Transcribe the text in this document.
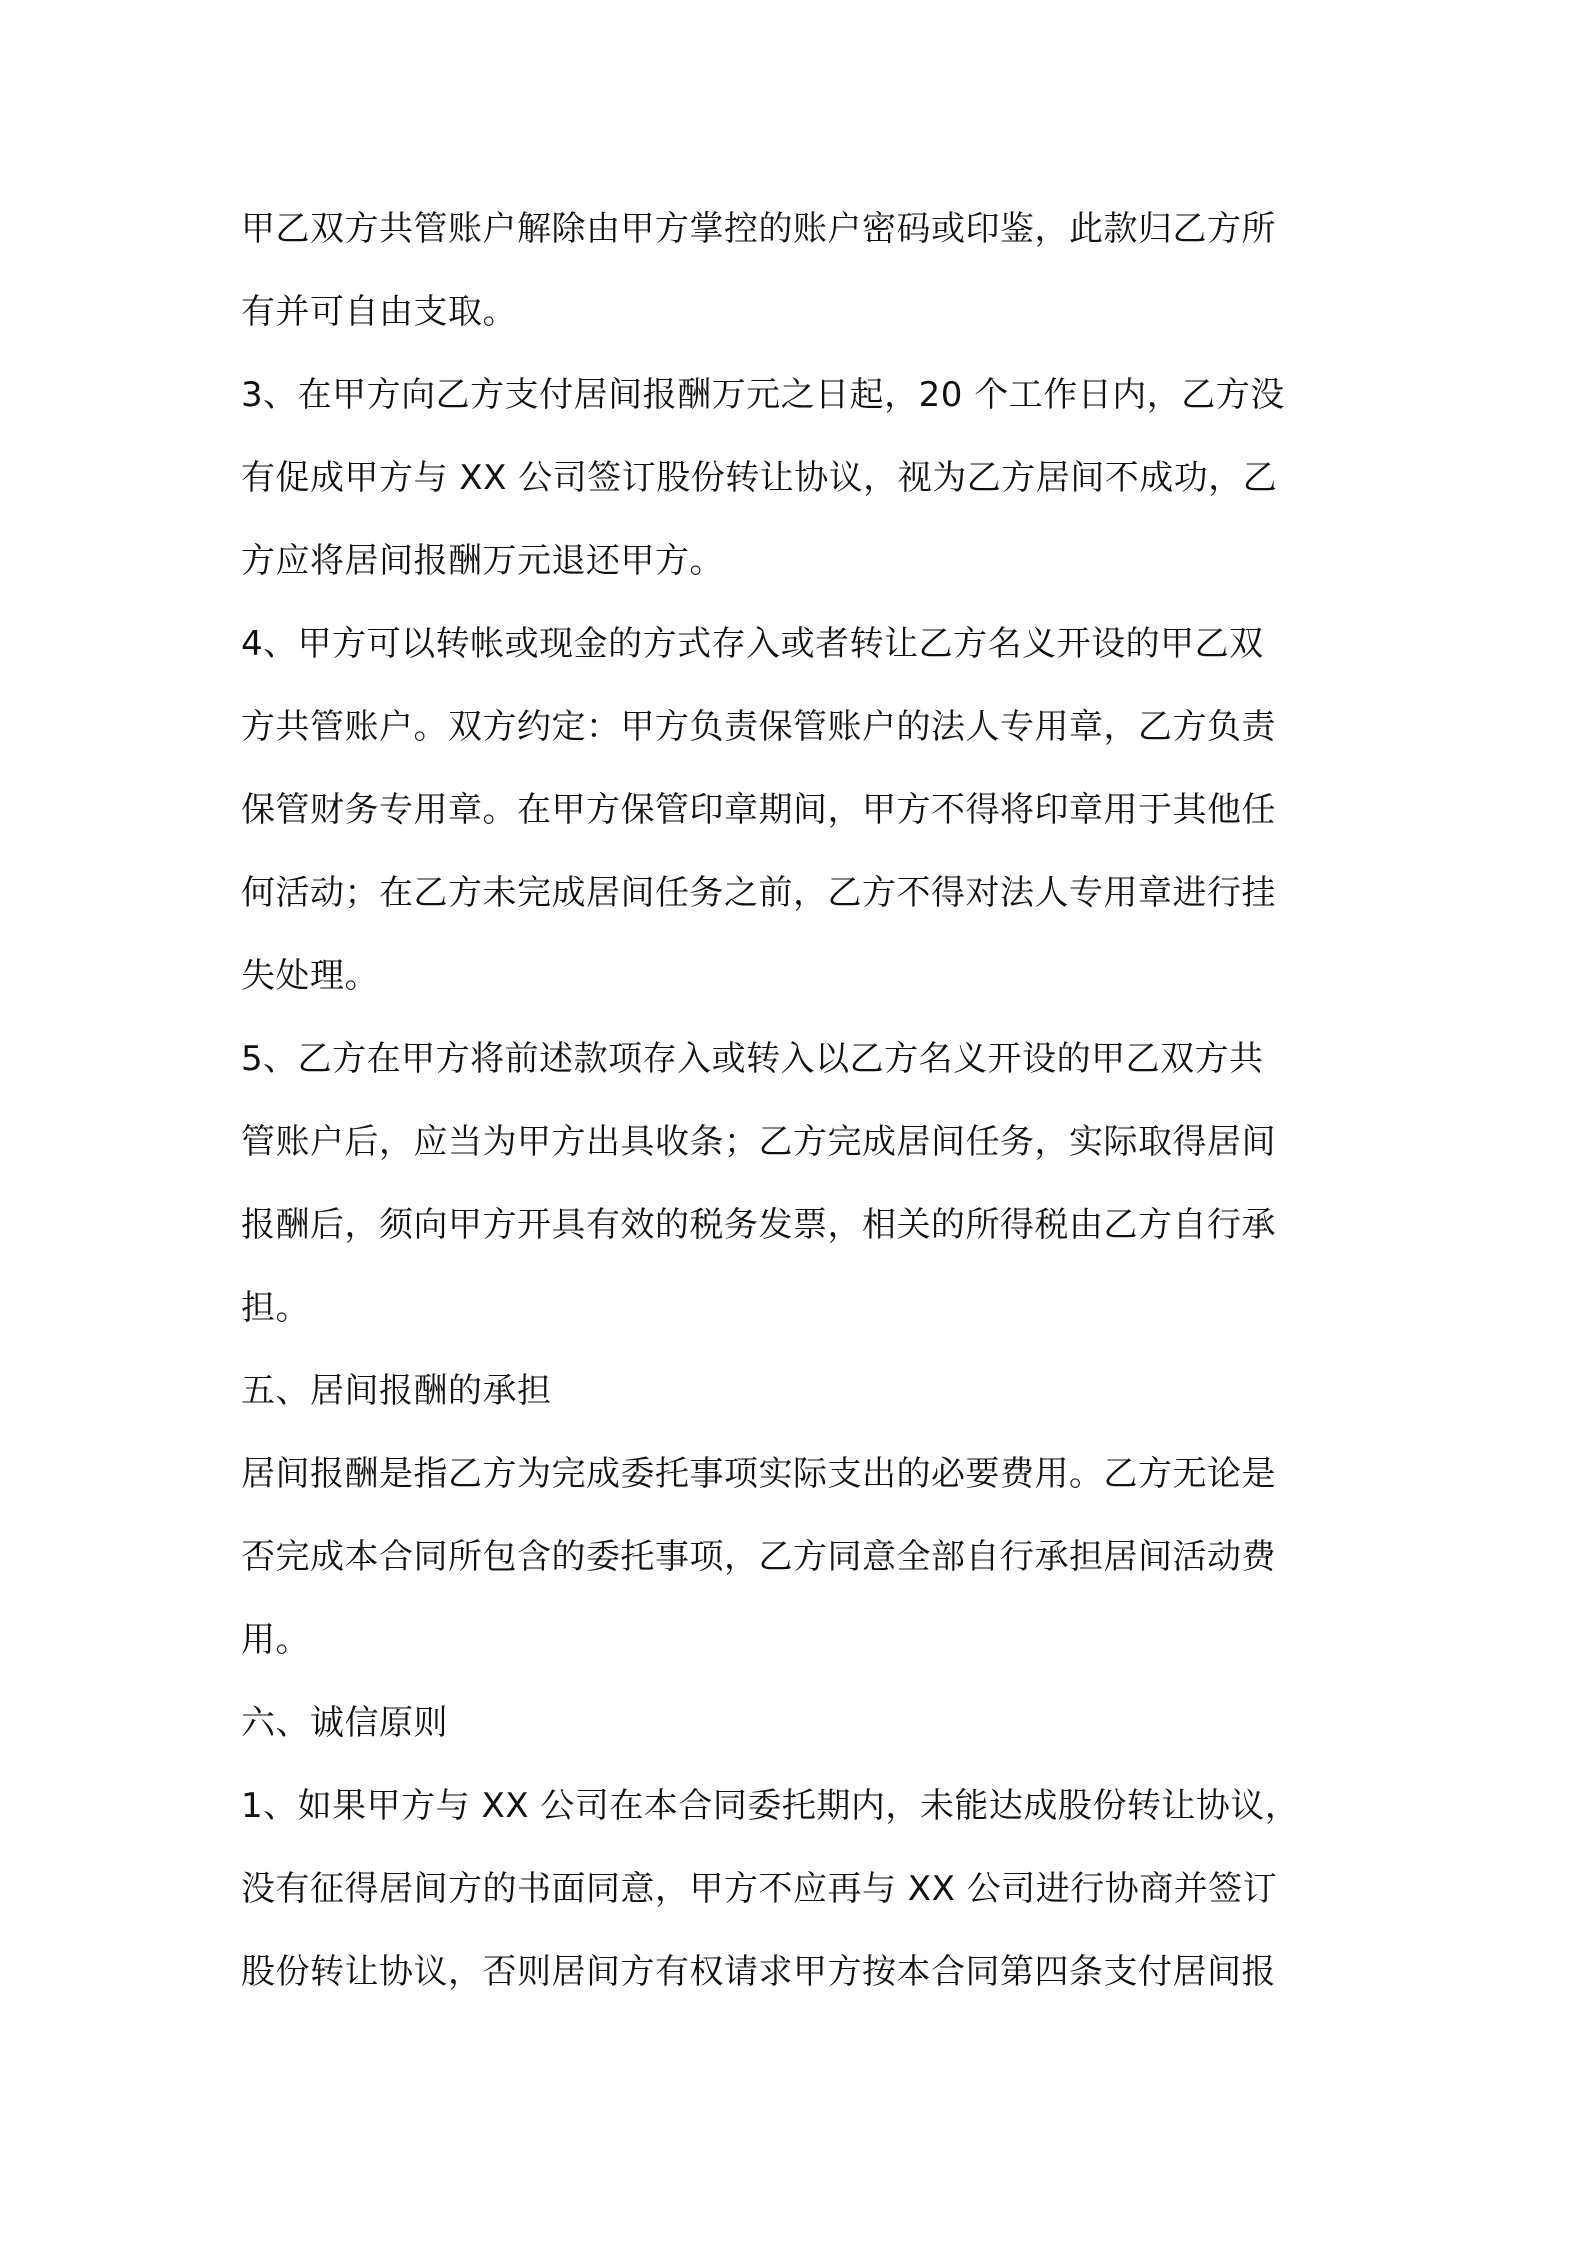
甲乙双方共管账户解除由甲方掌控的账户密码或印鉴，此款归乙方所
有并可自由支取。
3、在甲方向乙方支付居间报酬万元之日起，20 个工作日内，乙方没
有促成甲方与 XX 公司签订股份转让协议，视为乙方居间不成功，乙
方应将居间报酬万元退还甲方。
4、甲方可以转帐或现金的方式存入或者转让乙方名义开设的甲乙双
方共管账户。双方约定：甲方负责保管账户的法人专用章，乙方负责
保管财务专用章。在甲方保管印章期间，甲方不得将印章用于其他任
何活动；在乙方未完成居间任务之前，乙方不得对法人专用章进行挂
失处理。
5、乙方在甲方将前述款项存入或转入以乙方名义开设的甲乙双方共
管账户后，应当为甲方出具收条；乙方完成居间任务，实际取得居间
报酬后，须向甲方开具有效的税务发票，相关的所得税由乙方自行承
担。
五、居间报酬的承担
居间报酬是指乙方为完成委托事项实际支出的必要费用。乙方无论是
否完成本合同所包含的委托事项，乙方同意全部自行承担居间活动费
用。
六、诚信原则
1、如果甲方与 XX 公司在本合同委托期内，未能达成股份转让协议，
没有征得居间方的书面同意，甲方不应再与 XX 公司进行协商并签订
股份转让协议，否则居间方有权请求甲方按本合同第四条支付居间报
